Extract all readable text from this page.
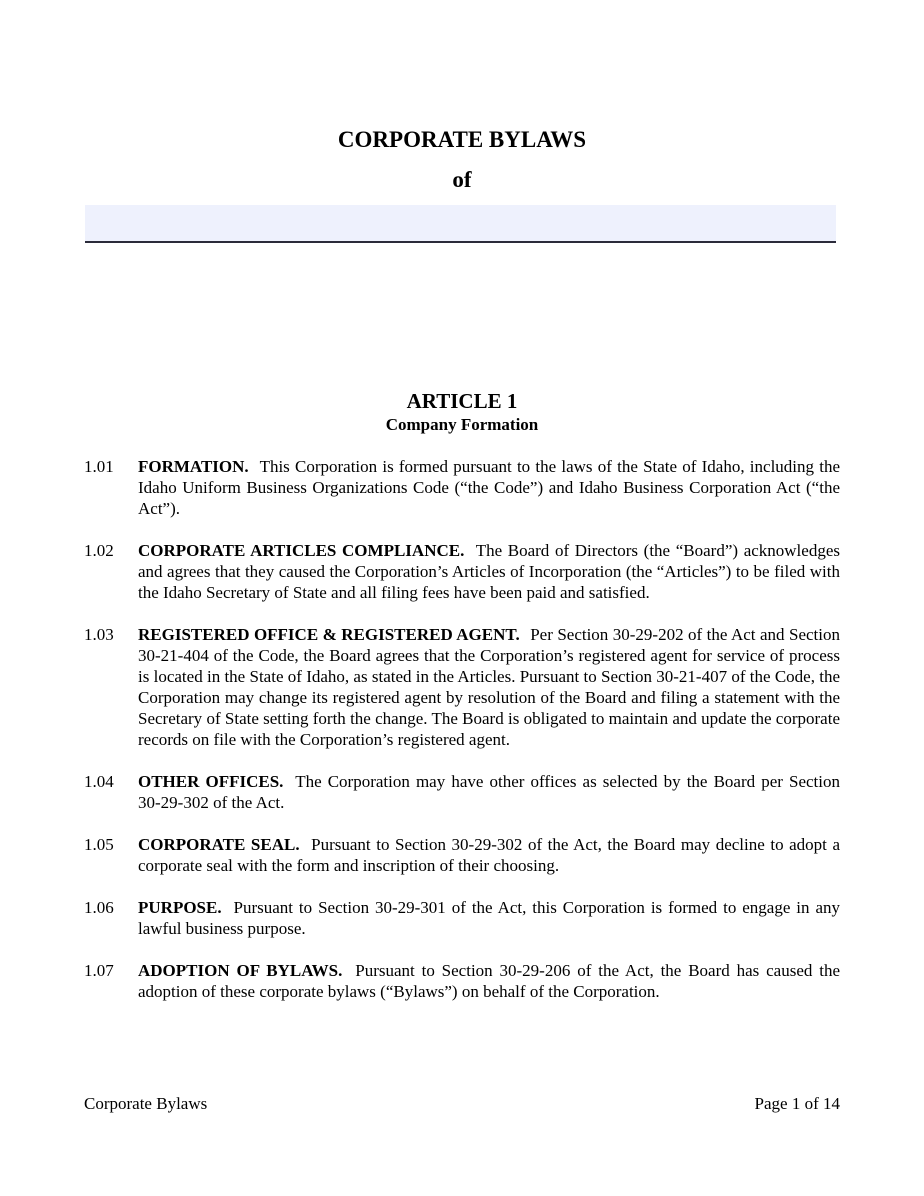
CORPORATE BYLAWS
of
ARTICLE 1
Company Formation
1.01	FORMATION. This Corporation is formed pursuant to the laws of the State of Idaho, including the Idaho Uniform Business Organizations Code (“the Code”) and Idaho Business Corporation Act (“the Act”).
1.02	CORPORATE ARTICLES COMPLIANCE. The Board of Directors (the “Board”) acknowledges and agrees that they caused the Corporation’s Articles of Incorporation (the “Articles”) to be filed with the Idaho Secretary of State and all filing fees have been paid and satisfied.
1.03	REGISTERED OFFICE & REGISTERED AGENT. Per Section 30-29-202 of the Act and Section 30-21-404 of the Code, the Board agrees that the Corporation’s registered agent for service of process is located in the State of Idaho, as stated in the Articles. Pursuant to Section 30-21-407 of the Code, the Corporation may change its registered agent by resolution of the Board and filing a statement with the Secretary of State setting forth the change. The Board is obligated to maintain and update the corporate records on file with the Corporation’s registered agent.
1.04	OTHER OFFICES. The Corporation may have other offices as selected by the Board per Section 30-29-302 of the Act.
1.05	CORPORATE SEAL. Pursuant to Section 30-29-302 of the Act, the Board may decline to adopt a corporate seal with the form and inscription of their choosing.
1.06	PURPOSE. Pursuant to Section 30-29-301 of the Act, this Corporation is formed to engage in any lawful business purpose.
1.07	ADOPTION OF BYLAWS. Pursuant to Section 30-29-206 of the Act, the Board has caused the adoption of these corporate bylaws (“Bylaws”) on behalf of the Corporation.
Corporate Bylaws	Page 1 of 14
